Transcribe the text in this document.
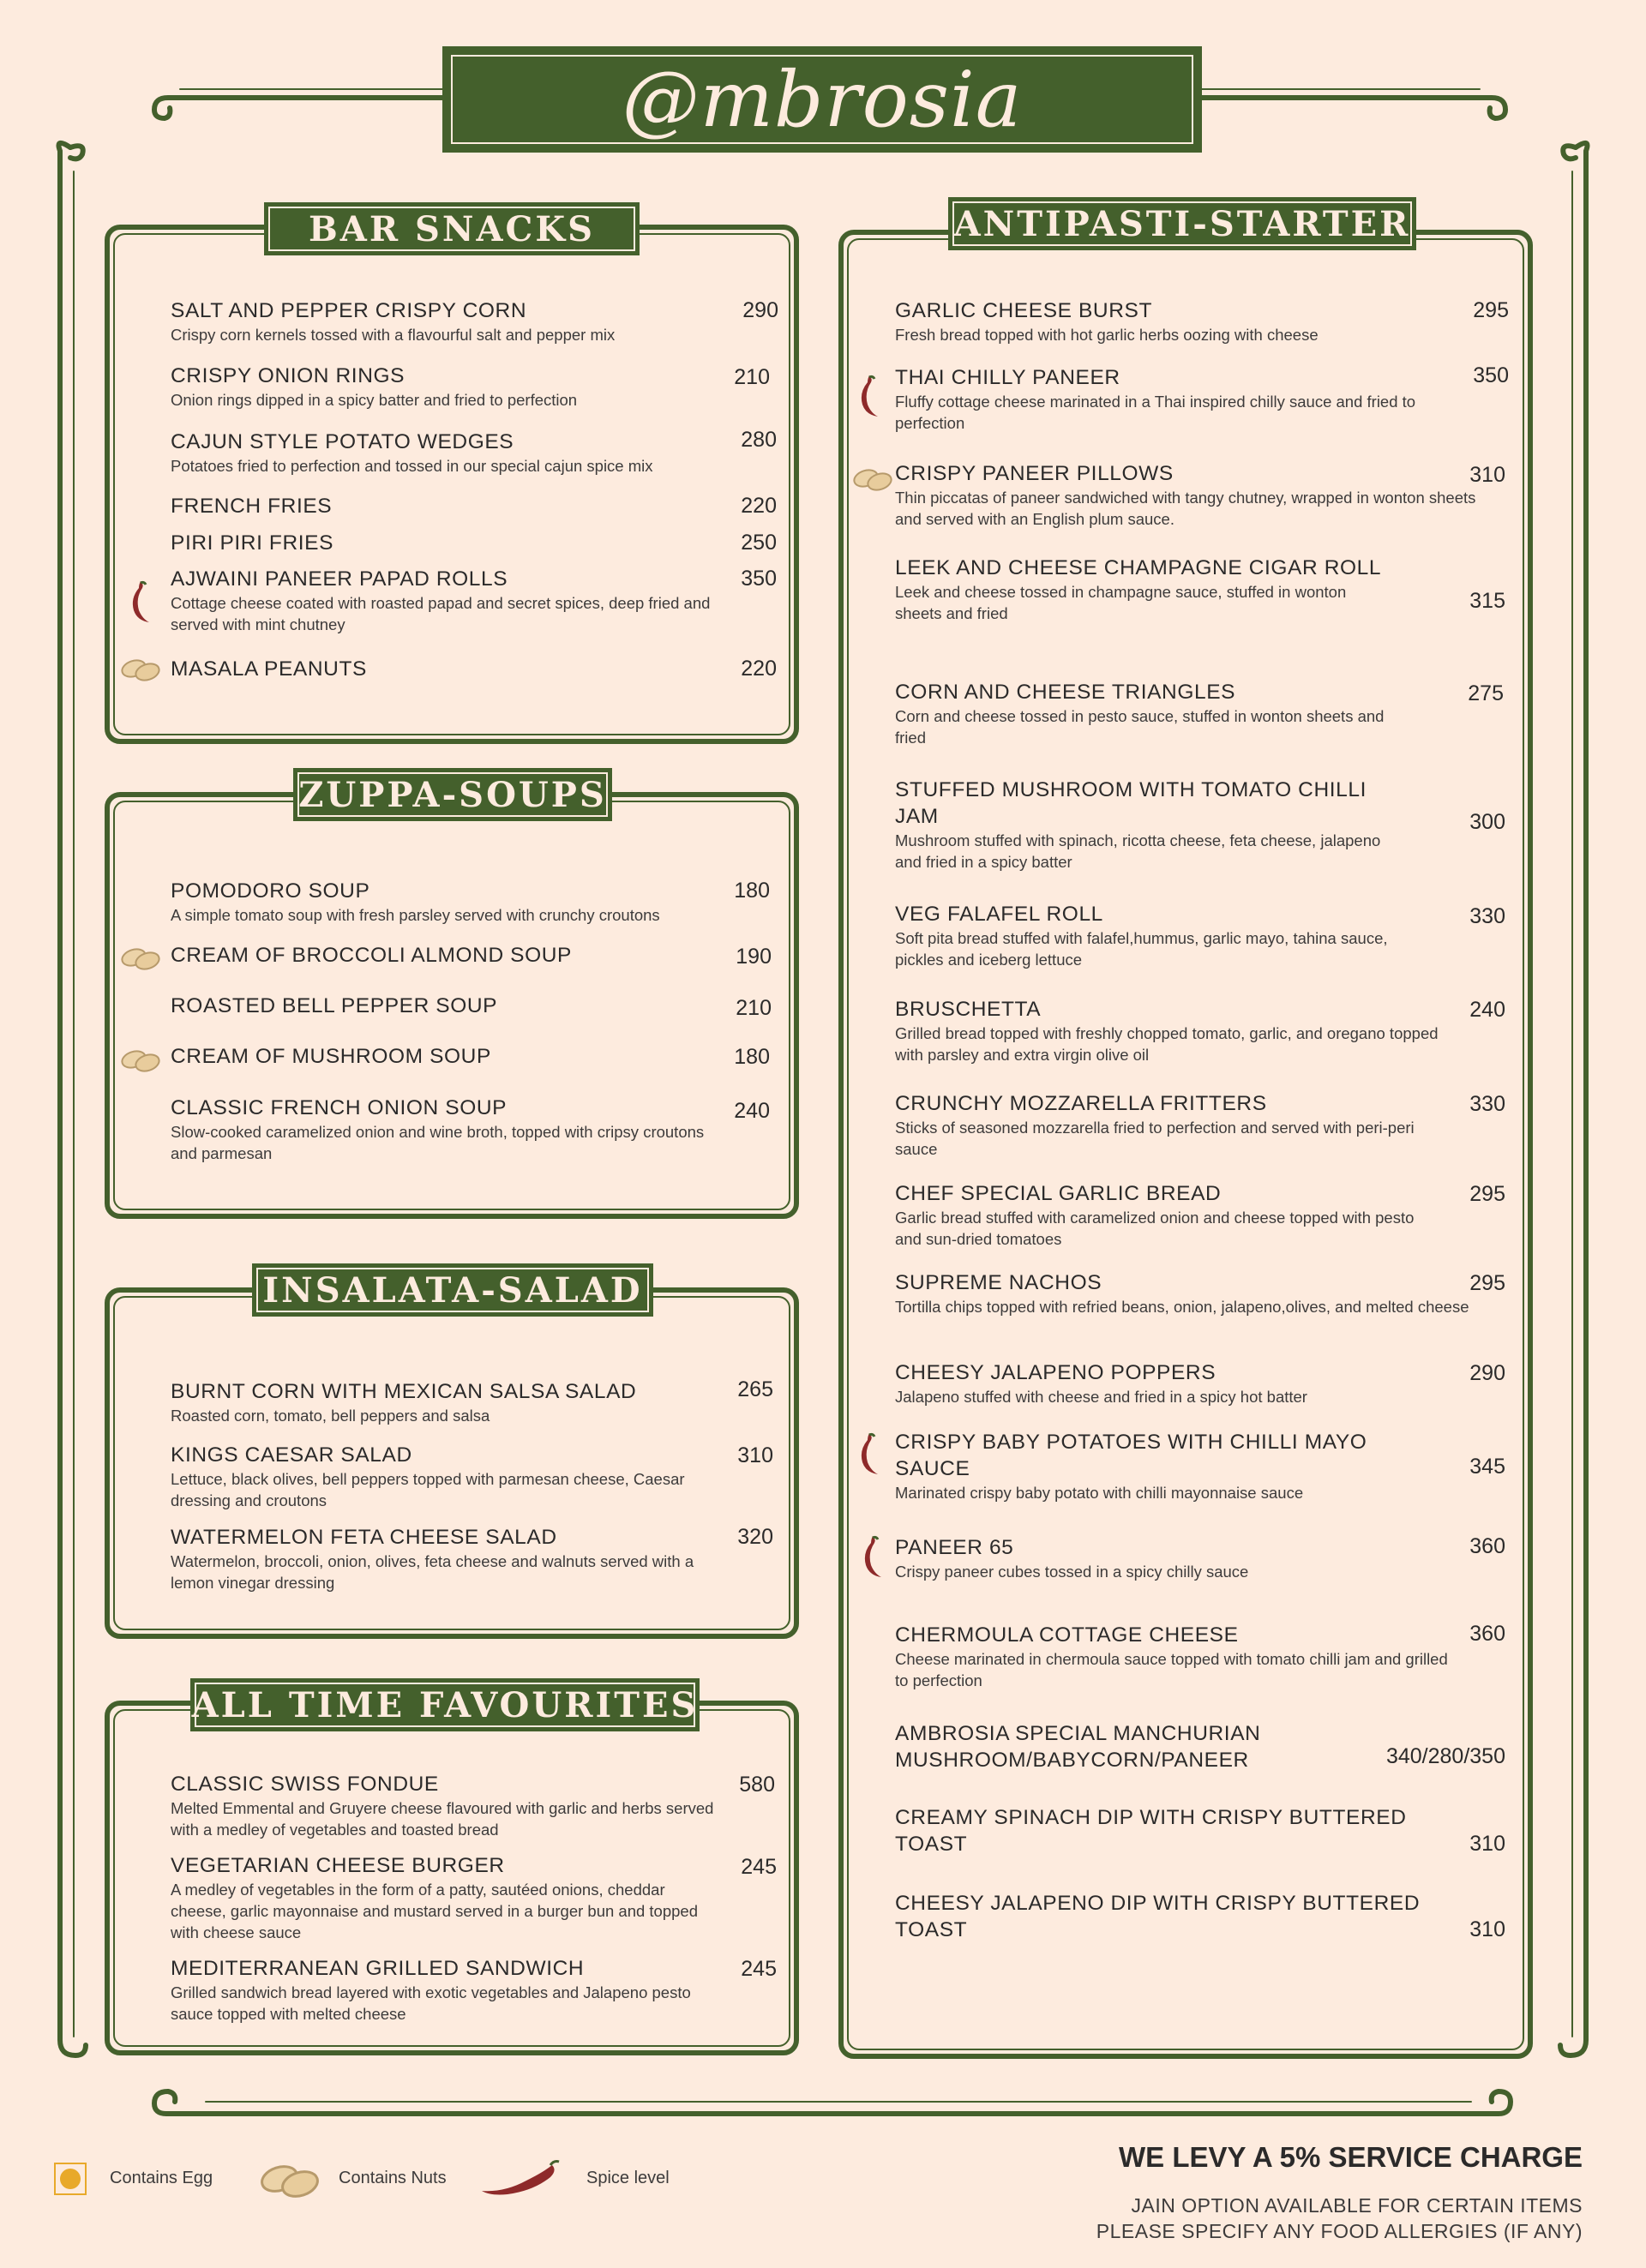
@mbrosia
BAR SNACKS
SALT AND PEPPER CRISPY CORN
Crispy corn kernels tossed with a flavourful salt and pepper mix
290
CRISPY ONION RINGS
Onion rings dipped in a spicy batter and fried to perfection
210
CAJUN STYLE POTATO WEDGES
Potatoes fried to perfection and tossed in our special cajun spice mix
280
FRENCH FRIES	220
PIRI PIRI FRIES	250
AJWAINI PANEER PAPAD ROLLS
Cottage cheese coated with roasted papad and secret spices, deep fried and served with mint chutney
350
MASALA PEANUTS	220
ZUPPA-SOUPS
POMODORO SOUP
A simple tomato soup with fresh parsley served with crunchy croutons
180
CREAM OF BROCCOLI ALMOND SOUP	190
ROASTED BELL PEPPER SOUP	210
CREAM OF MUSHROOM SOUP	180
CLASSIC FRENCH ONION SOUP
Slow-cooked caramelized onion and wine broth, topped with cripsy croutons and parmesan
240
INSALATA-SALAD
BURNT CORN WITH MEXICAN SALSA SALAD
Roasted corn, tomato, bell peppers and salsa
265
KINGS CAESAR SALAD
Lettuce, black olives, bell peppers topped with parmesan cheese, Caesar dressing and croutons
310
WATERMELON FETA CHEESE SALAD
Watermelon, broccoli, onion, olives, feta cheese and walnuts served with a lemon vinegar dressing
320
ALL TIME FAVOURITES
CLASSIC SWISS FONDUE
Melted Emmental and Gruyere cheese flavoured with garlic and herbs served with a medley of vegetables and toasted bread
580
VEGETARIAN CHEESE BURGER
A medley of vegetables in the form of a patty, sautéed onions, cheddar cheese, garlic mayonnaise and mustard served in a burger bun and topped with cheese sauce
245
MEDITERRANEAN GRILLED SANDWICH
Grilled sandwich bread layered with exotic vegetables and Jalapeno pesto sauce topped with melted cheese
245
ANTIPASTI-STARTER
GARLIC CHEESE BURST
Fresh bread topped with hot garlic herbs oozing with cheese
295
THAI CHILLY PANEER
Fluffy cottage cheese marinated in a Thai inspired chilly sauce and fried to perfection
350
CRISPY PANEER PILLOWS
Thin piccatas of paneer sandwiched with tangy chutney, wrapped in wonton sheets and served with an English plum sauce.
310
LEEK AND CHEESE CHAMPAGNE CIGAR ROLL
Leek and cheese tossed in champagne sauce, stuffed in wonton sheets and fried
315
CORN AND CHEESE TRIANGLES
Corn and cheese tossed in pesto sauce, stuffed in wonton sheets and fried
275
STUFFED MUSHROOM WITH TOMATO CHILLI JAM
Mushroom stuffed with spinach, ricotta cheese, feta cheese, jalapeno and fried in a spicy batter
300
VEG FALAFEL ROLL
Soft pita bread stuffed with falafel,hummus, garlic mayo, tahina sauce, pickles and iceberg lettuce
330
BRUSCHETTA
Grilled bread topped with freshly chopped tomato, garlic, and oregano topped with parsley and extra virgin olive oil
240
CRUNCHY MOZZARELLA FRITTERS
Sticks of seasoned mozzarella fried to perfection and served with peri-peri sauce
330
CHEF SPECIAL GARLIC BREAD
Garlic bread stuffed with caramelized onion and cheese topped with pesto and sun-dried tomatoes
295
SUPREME NACHOS
Tortilla chips topped with refried beans, onion, jalapeno,olives, and melted cheese
295
CHEESY JALAPENO POPPERS
Jalapeno stuffed with cheese and fried in a spicy hot batter
290
CRISPY BABY POTATOES WITH CHILLI MAYO SAUCE
Marinated crispy baby potato with chilli mayonnaise sauce
345
PANEER 65
Crispy paneer cubes tossed in a spicy chilly sauce
360
CHERMOULA COTTAGE CHEESE
Cheese marinated in chermoula sauce topped with tomato chilli jam and grilled to perfection
360
AMBROSIA SPECIAL MANCHURIAN MUSHROOM/BABYCORN/PANEER	340/280/350
CREAMY SPINACH DIP WITH CRISPY BUTTERED TOAST	310
CHEESY JALAPENO DIP WITH CRISPY BUTTERED TOAST	310
Contains Egg	Contains Nuts	Spice level
WE LEVY A 5% SERVICE CHARGE
JAIN OPTION AVAILABLE FOR CERTAIN ITEMS
PLEASE SPECIFY ANY FOOD ALLERGIES (IF ANY)
